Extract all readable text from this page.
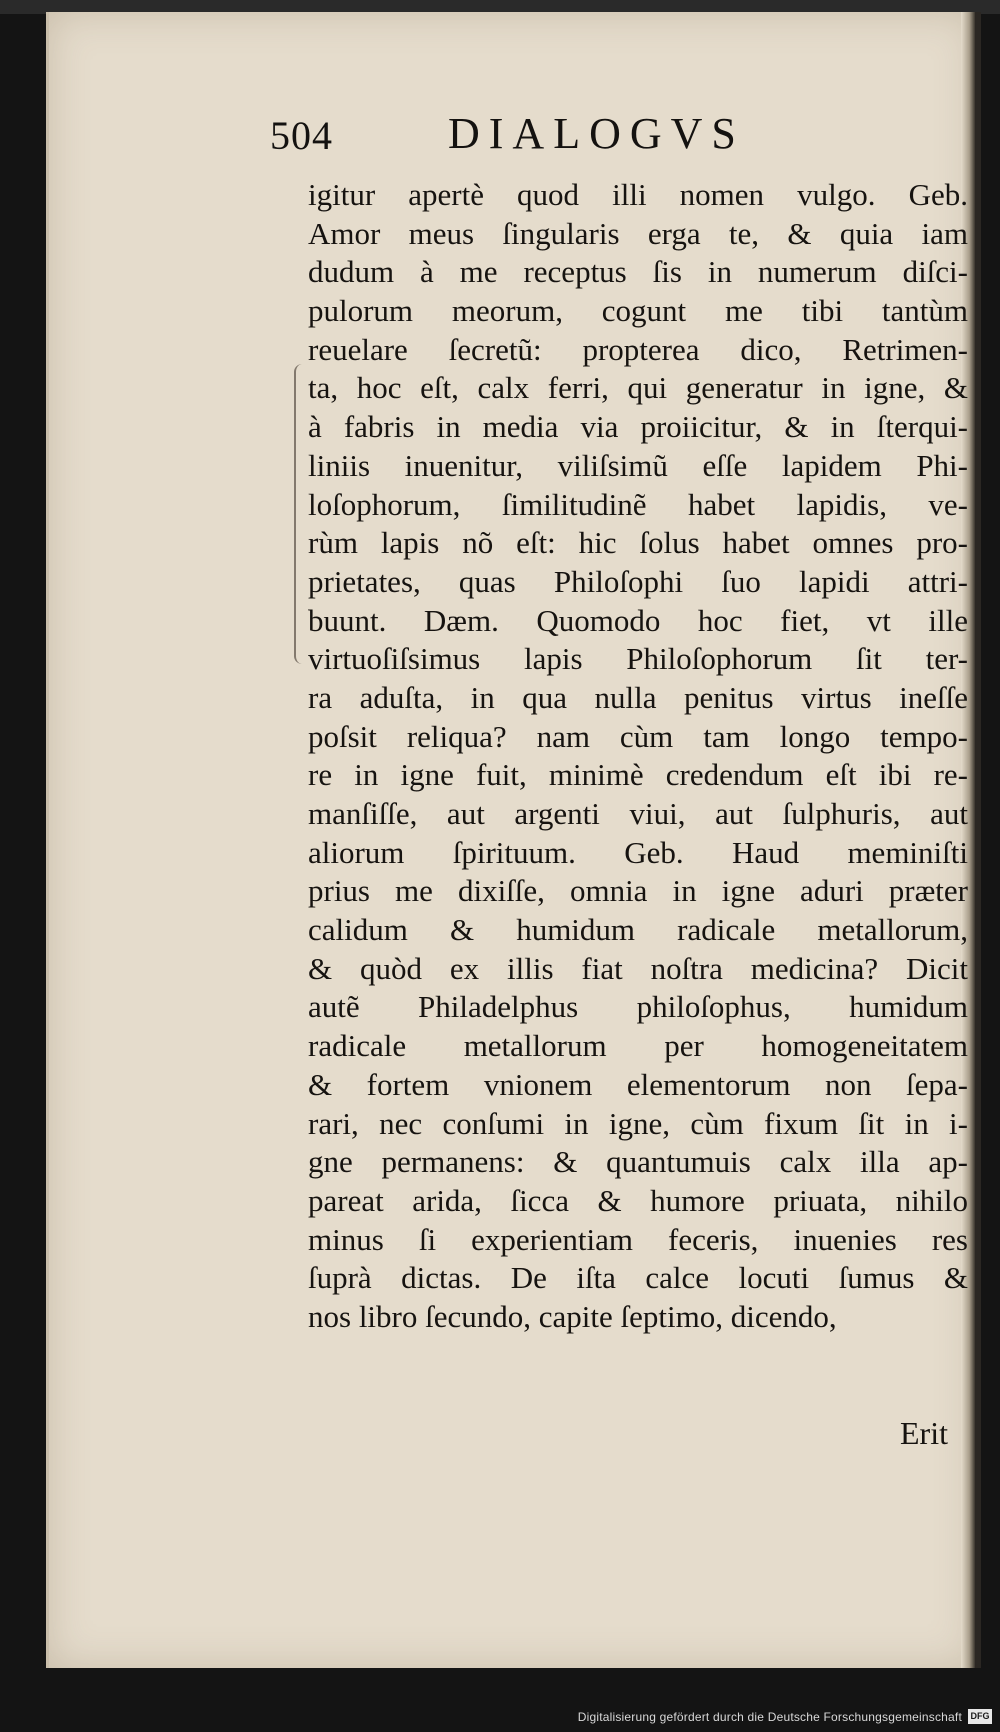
504	DIALOGVS
igitur apertè quod illi nomen vulgo. Geb.
Amor meus ſingularis erga te, & quia iam
dudum à me receptus ſis in numerum diſci-
pulorum meorum, cogunt me tibi tantùm
reuelare ſecretũ: propterea dico, Retrimen-
ta, hoc eſt, calx ferri, qui generatur in igne, &
à fabris in media via proiicitur, & in ſterqui-
liniis inuenitur, viliſsimũ eſſe lapidem Phi-
loſophorum, ſimilitudinẽ habet lapidis, ve-
rùm lapis nõ eſt: hic ſolus habet omnes pro-
prietates, quas Philoſophi ſuo lapidi attri-
buunt. Dæm. Quomodo hoc fiet, vt ille
virtuoſiſsimus lapis Philoſophorum ſit ter-
ra aduſta, in qua nulla penitus virtus ineſſe
poſsit reliqua? nam cùm tam longo tempo-
re in igne fuit, minimè credendum eſt ibi re-
manſiſſe, aut argenti viui, aut ſulphuris, aut
aliorum ſpirituum. Geb. Haud meminiſti
prius me dixiſſe, omnia in igne aduri præter
calidum & humidum radicale metallorum,
& quòd ex illis fiat noſtra medicina? Dicit
autẽ Philadelphus philoſophus, humidum
radicale metallorum per homogeneitatem
& fortem vnionem elementorum non ſepa-
rari, nec conſumi in igne, cùm fixum ſit in i-
gne permanens: & quantumuis calx illa ap-
pareat arida, ſicca & humore priuata, nihilo
minus ſi experientiam feceris, inuenies res
ſuprà dictas. De iſta calce locuti ſumus &
nos libro ſecundo, capite ſeptimo, dicendo,
Erit
Digitalisierung gefördert durch die Deutsche Forschungsgemeinschaft DFG
